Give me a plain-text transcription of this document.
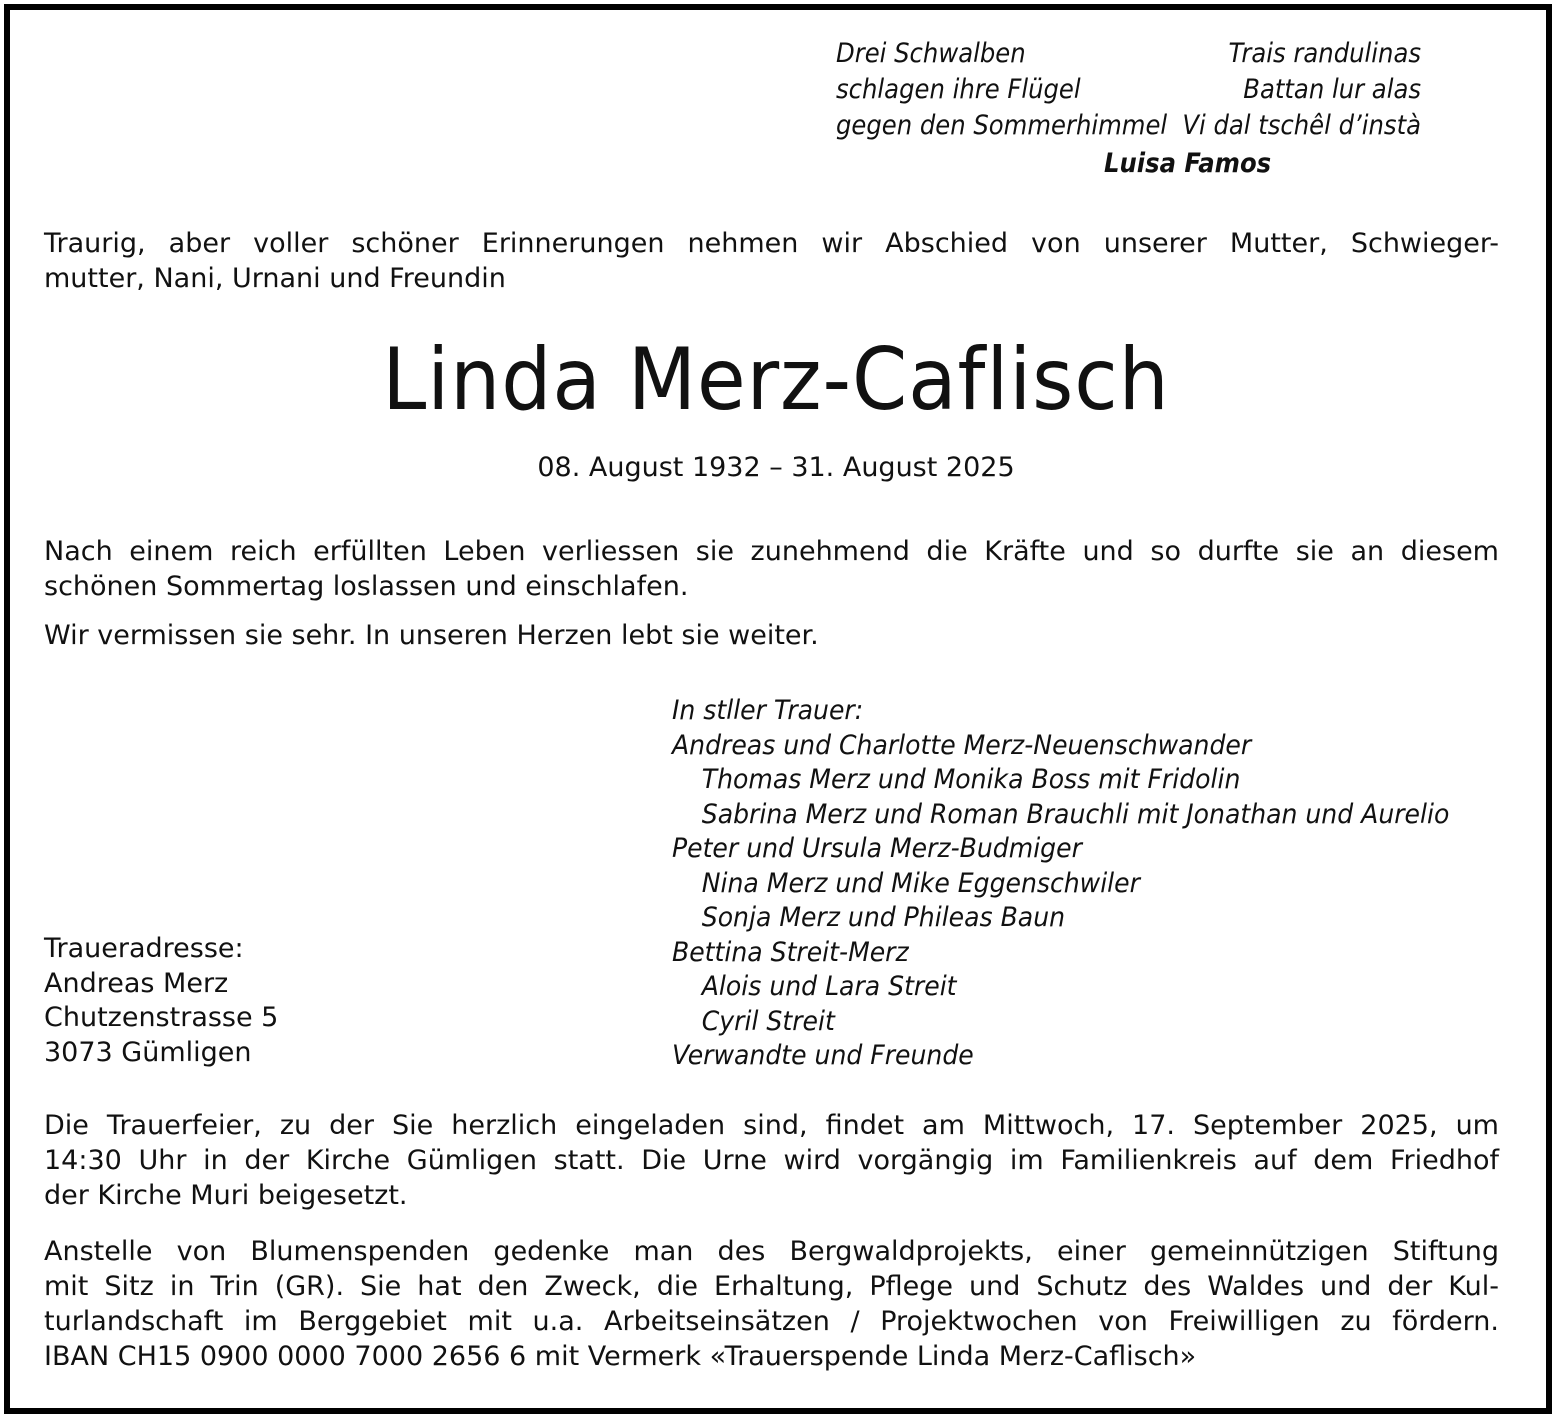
Drei Schwalben
schlagen ihre Flügel
gegen den Sommerhimmel
Trais randulinas
Battan lur alas
Vi dal tschêl d’instà
Luisa Famos
Traurig, aber voller schöner Erinnerungen nehmen wir Abschied von unserer Mutter, Schwieger-
mutter, Nani, Urnani und Freundin
Linda Merz-Caflisch
08. August 1932 – 31. August 2025
Nach einem reich erfüllten Leben verliessen sie zunehmend die Kräfte und so durfte sie an diesem
schönen Sommertag loslassen und einschlafen.
Wir vermissen sie sehr. In unseren Herzen lebt sie weiter.
In stller Trauer:
Andreas und Charlotte Merz-Neuenschwander
Thomas Merz und Monika Boss mit Fridolin
Sabrina Merz und Roman Brauchli mit Jonathan und Aurelio
Peter und Ursula Merz-Budmiger
Nina Merz und Mike Eggenschwiler
Sonja Merz und Phileas Baun
Bettina Streit-Merz
Alois und Lara Streit
Cyril Streit
Verwandte und Freunde
Traueradresse:
Andreas Merz
Chutzenstrasse 5
3073 Gümligen
Die Trauerfeier, zu der Sie herzlich eingeladen sind, findet am Mittwoch, 17. September 2025, um
14:30 Uhr in der Kirche Gümligen statt. Die Urne wird vorgängig im Familienkreis auf dem Friedhof
der Kirche Muri beigesetzt.
Anstelle von Blumenspenden gedenke man des Bergwaldprojekts, einer gemeinnützigen Stiftung
mit Sitz in Trin (GR). Sie hat den Zweck, die Erhaltung, Pflege und Schutz des Waldes und der Kul-
turlandschaft im Berggebiet mit u.a. Arbeitseinsätzen / Projektwochen von Freiwilligen zu fördern.
IBAN CH15 0900 0000 7000 2656 6 mit Vermerk «Trauerspende Linda Merz-Caflisch»
